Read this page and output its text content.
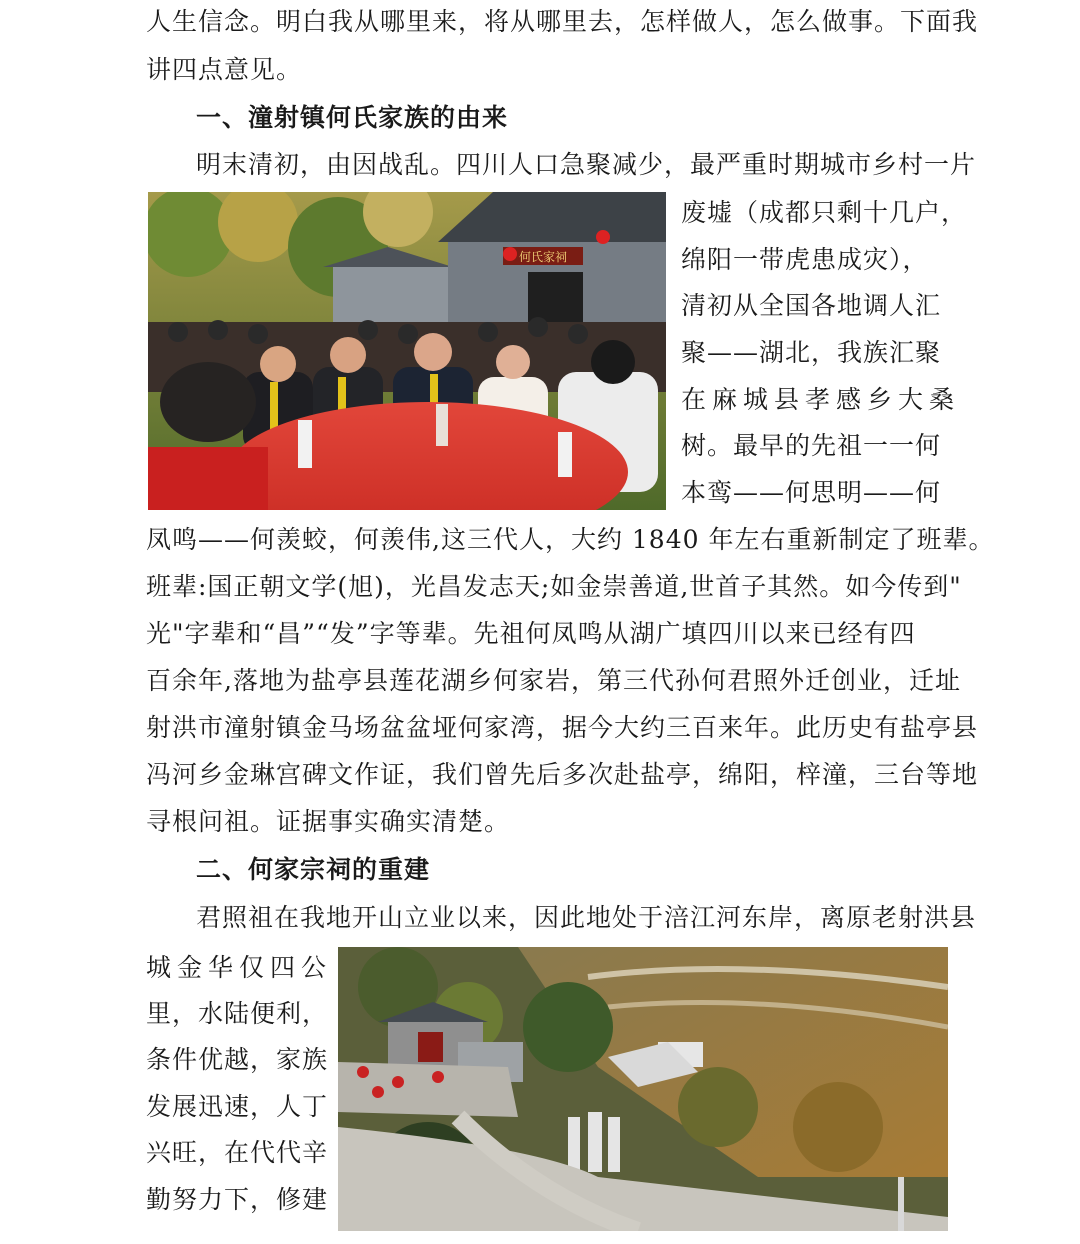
人生信念。明白我从哪里来，将从哪里去，怎样做人，怎么做事。下面我
讲四点意见。
一、潼射镇何氏家族的由来
明末清初，由因战乱。四川人口急聚减少，最严重时期城市乡村一片
何氏家祠
废墟（成都只剩十几户，
绵阳一带虎患成灾），
清初从全国各地调人汇
聚——湖北，我族汇聚
在麻城县孝感乡大桑
树。最早的先祖一一何
本鸾——何思明——何
凤鸣——何羡蛟，何羡伟,这三代人，大约 1840 年左右重新制定了班辈。
班辈:国正朝文学(旭)，光昌发志天;如金崇善道,世首子其然。如今传到"
光"字辈和“昌”“发”字等辈。先祖何凤鸣从湖广填四川以来已经有四
百余年,落地为盐亭县莲花湖乡何家岩，第三代孙何君照外迁创业，迁址
射洪市潼射镇金马场盆盆垭何家湾，据今大约三百来年。此历史有盐亭县
冯河乡金琳宫碑文作证，我们曾先后多次赴盐亭，绵阳，梓潼，三台等地
寻根问祖。证据事实确实清楚。
二、何家宗祠的重建
君照祖在我地开山立业以来，因此地处于涪江河东岸，离原老射洪县
城金华仅四公
里，水陆便利，
条件优越，家族
发展迅速，人丁
兴旺，在代代辛
勤努力下，修建
